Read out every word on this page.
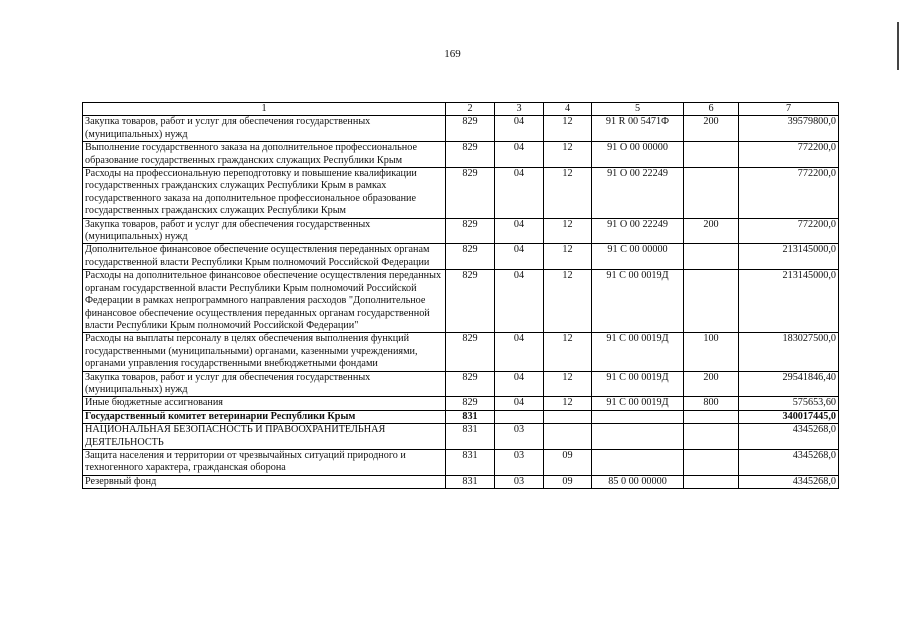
169
1	2	3	4	5	6	7
Закупка товаров, работ и услуг для обеспечения государственных (муниципальных) нужд	829	04	12	91 R 00 5471Ф	200	39579800,0
Выполнение государственного заказа на дополнительное профессиональное образование государственных гражданских служащих Республики Крым	829	04	12	91 О 00 00000		772200,0
Расходы на профессиональную переподготовку и повышение квалификации государственных гражданских служащих Республики Крым в рамках государственного заказа на дополнительное профессиональное образование государственных гражданских служащих Республики Крым	829	04	12	91 О 00 22249		772200,0
Закупка товаров, работ и услуг для обеспечения государственных (муниципальных) нужд	829	04	12	91 О 00 22249	200	772200,0
Дополнительное финансовое обеспечение осуществления переданных органам государственной власти Республики Крым полномочий Российской Федерации	829	04	12	91 С 00 00000		213145000,0
Расходы на дополнительное финансовое обеспечение осуществления переданных органам государственной власти Республики Крым полномочий Российской Федерации в рамках непрограммного направления расходов "Дополнительное финансовое обеспечение осуществления переданных органам государственной власти Республики Крым полномочий Российской Федерации"	829	04	12	91 С 00 0019Д		213145000,0
Расходы на выплаты персоналу в целях обеспечения выполнения функций государственными (муниципальными) органами, казенными учреждениями, органами управления государственными внебюджетными фондами	829	04	12	91 С 00 0019Д	100	183027500,0
Закупка товаров, работ и услуг для обеспечения государственных (муниципальных) нужд	829	04	12	91 С 00 0019Д	200	29541846,40
Иные бюджетные ассигнования	829	04	12	91 С 00 0019Д	800	575653,60
Государственный комитет ветеринарии Республики Крым	831					340017445,0
НАЦИОНАЛЬНАЯ БЕЗОПАСНОСТЬ И ПРАВООХРАНИТЕЛЬНАЯ ДЕЯТЕЛЬНОСТЬ	831	03				4345268,0
Защита населения и территории от чрезвычайных ситуаций природного и техногенного характера, гражданская оборона	831	03	09			4345268,0
Резервный фонд	831	03	09	85 0 00 00000		4345268,0
